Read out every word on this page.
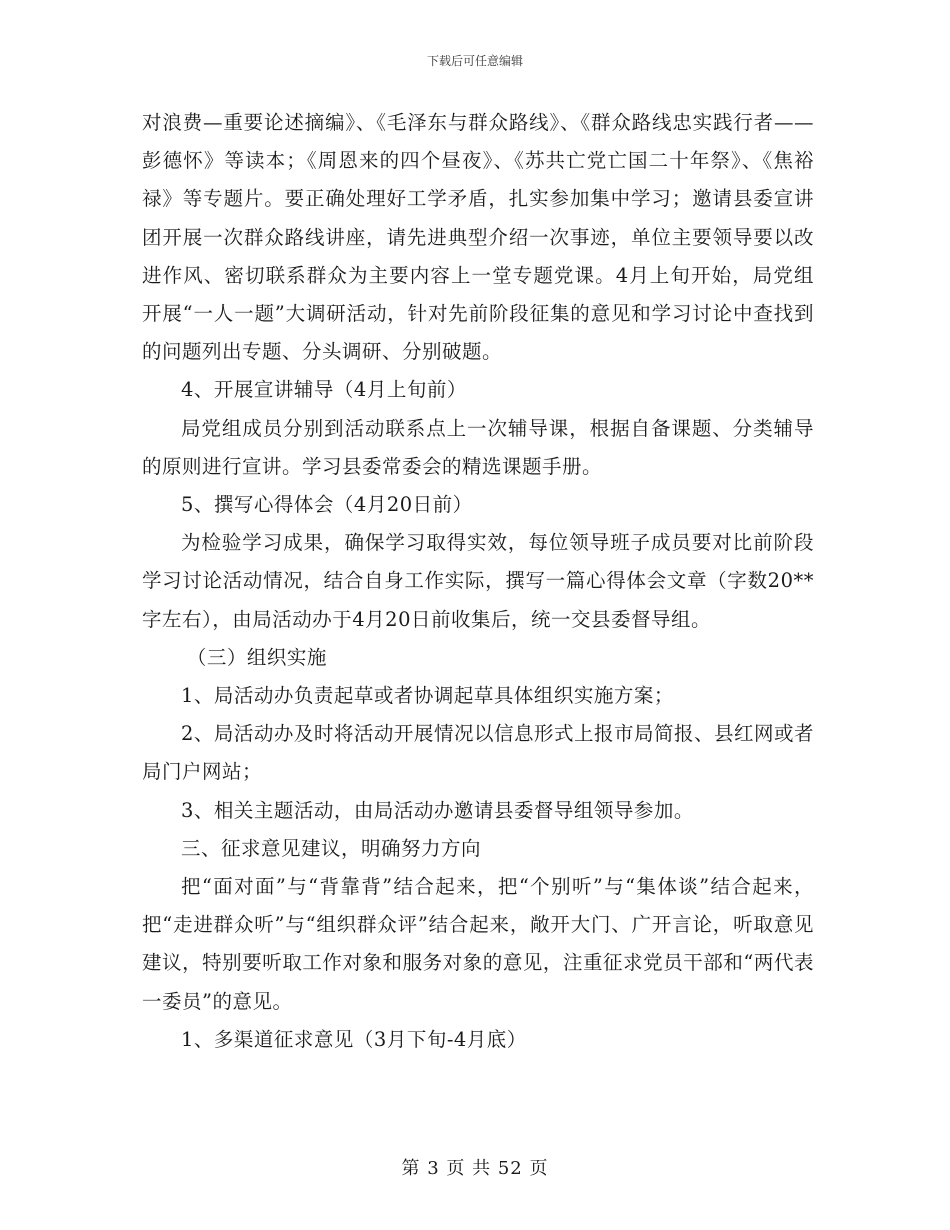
下载后可任意编辑

对浪费—重要论述摘编》、《毛泽东与群众路线》、《群众路线忠实践行者——彭德怀》等读本；《周恩来的四个昼夜》、《苏共亡党亡国二十年祭》、《焦裕禄》等专题片。要正确处理好工学矛盾，扎实参加集中学习；邀请县委宣讲团开展一次群众路线讲座，请先进典型介绍一次事迹，单位主要领导要以改进作风、密切联系群众为主要内容上一堂专题党课。4月上旬开始，局党组开展“一人一题”大调研活动，针对先前阶段征集的意见和学习讨论中查找到的问题列出专题、分头调研、分别破题。

4、开展宣讲辅导（4月上旬前）

局党组成员分别到活动联系点上一次辅导课，根据自备课题、分类辅导的原则进行宣讲。学习县委常委会的精选课题手册。

5、撰写心得体会（4月20日前）

为检验学习成果，确保学习取得实效，每位领导班子成员要对比前阶段学习讨论活动情况，结合自身工作实际，撰写一篇心得体会文章（字数20**字左右），由局活动办于4月20日前收集后，统一交县委督导组。

（三）组织实施

1、局活动办负责起草或者协调起草具体组织实施方案；

2、局活动办及时将活动开展情况以信息形式上报市局简报、县红网或者局门户网站；

3、相关主题活动，由局活动办邀请县委督导组领导参加。

三、征求意见建议，明确努力方向

把“面对面”与“背靠背”结合起来，把“个别听”与“集体谈”结合起来，把“走进群众听”与“组织群众评”结合起来，敞开大门、广开言论，听取意见建议，特别要听取工作对象和服务对象的意见，注重征求党员干部和“两代表一委员”的意见。

1、多渠道征求意见（3月下旬-4月底）

第 3 页 共 52 页
